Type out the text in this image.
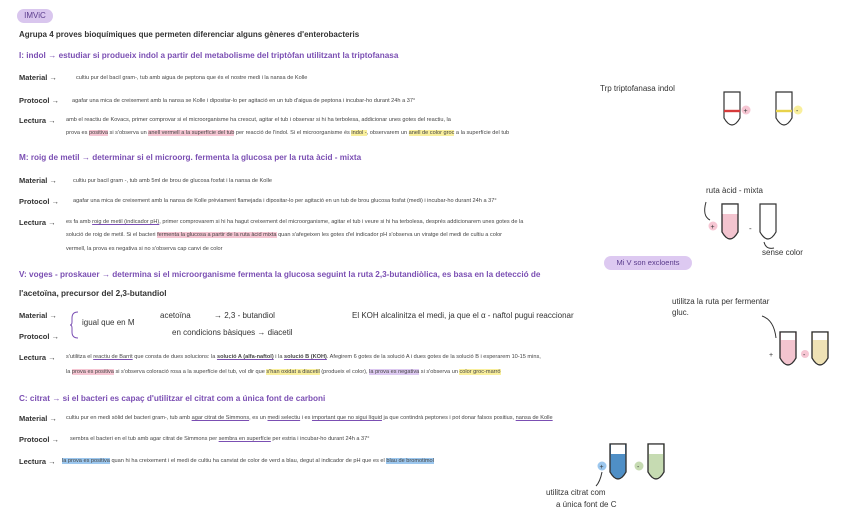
IMViC
Agrupa 4 proves bioquímiques que permeten diferenciar alguns gèneres d'enterobacteris
I: indol → estudiar si produeix indol a partir del metabolisme del triptòfan utilitzant la triptofanasa
Material →	cultiu pur del bacil gram-, tub amb aigua de peptona que és el nostre medi i la nansa de Kolle
Protocol → agafar una mica de creixement amb la nansa se Kolle i dipositar-lo per agitació en un tub d'aigua de peptona i incubar-ho durant 24h a 37°
Lectura → amb el reactiu de Kovacs, primer comprovar si el microorganisme ha crescut, agitar el tub i observar si hi ha terbolesa, addicionar unes gotes del reactiu, la
prova es positiva si s'observa un anell vermell a la superfície del tub per reacció de l'indol. Si el microorganisme és indol -, observarem un anell de color groc a la superfície del tub
Trp triptofanasa indol
+	-
M: roig de metil → determinar si el microorg. fermenta la glucosa per la ruta àcid - mixta
Material →	cultiu pur bacil gram -, tub amb 5ml de brou de glucosa fosfat i la nansa de Kolle
Protocol → agafar una mica de creixement amb la nansa de Kolle prèviament flamejada i dipositar-lo per agitació en un tub de brou glucosa fosfat (medi) i incubar-ho durant 24h a 37°
Lectura → es fa amb roig de metil (indicador pH), primer comprovarem si hi ha hagut creixement del microorganisme, agitar el tub i veure si hi ha terbolesa, després addicionarem unes gotes de la
solució de roig de metil. Si el bacteri fermenta la glucosa a partir de la ruta àcid mixta quan s'afegeixen les gotes d'el indicador pH s'observa un viratge del medi de cultiu a color
vermell, la prova es negativa si no s'observa cap canvi de color
ruta àcid - mixta
sense color
+	-
Mi V son excloents
V: voges - proskauer → determina si el microorganisme fermenta la glucosa seguint la ruta 2,3-butandiòlica, es basa en la detecció de
l'acetoïna, precursor del 2,3-butandiol
Material →
Protocol →
igual que en M
acetoïna	→ 2,3 - butandiol
en condicions bàsiques → diacetil
El KOH alcalinitza el medi, ja que el α - naftol pugui reaccionar
Lectura → s'utilitza el reactiu de Barrit que consta de dues solucions: la solució A (alfa-naftol) i la solució B (KOH). Afegirem 6 gotes de la solució A i dues gotes de la solució B i esperarem 10-15 mins,
la prova es positiva si s'observa coloració rosa a la superfície del tub, vol dir que s'han oxidat a diacetil (produeix el color), la prova es negativa si s'observa un color groc-marró
utilitza la ruta per fermentar gluc.
+	-
C: citrat → si el bacteri es capaç d'utilitzar el citrat com a única font de carboni
Material → cultiu pur en medi sòlid del bacteri gram-, tub amb agar citrat de Simmons, es un medi selectiu i es important que no sigui líquid ja que contindrà peptones i pot donar falsos positius, nansa de Kolle
Protocol → sembra el bacteri en el tub amb agar citrat de Simmons per sembra en superfície per estria i incubar-ho durant 24h a 37°
Lectura → la prova es positiva quan hi ha creixement i el medi de cultiu ha canviat de color de verd a blau, degut al indicador de pH que es el blau de bromotimol
+	-
utilitza citrat com
a única font de C
